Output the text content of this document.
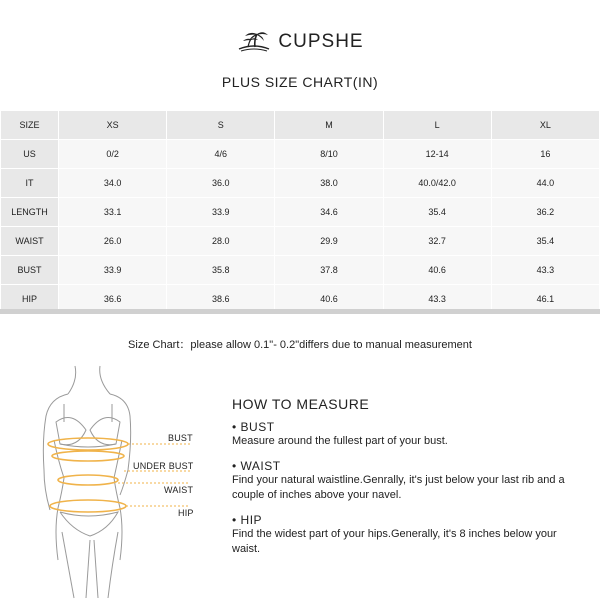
CUPSHE
PLUS SIZE CHART(IN)
SIZE	XS	S	M	L	XL
US	0/2	4/6	8/10	12-14	16
IT	34.0	36.0	38.0	40.0/42.0	44.0
LENGTH	33.1	33.9	34.6	35.4	36.2
WAIST	26.0	28.0	29.9	32.7	35.4
BUST	33.9	35.8	37.8	40.6	43.3
HIP	36.6	38.6	40.6	43.3	46.1
Size Chart：please allow 0.1"- 0.2"differs due to manual measurement
BUST
UNDER BUST
WAIST
HIP
HOW TO MEASURE
• BUST
Measure around the fullest part of your bust.
• WAIST
Find your natural waistline.Genrally, it's just below your last rib and a couple of inches above your navel.
• HIP
Find the widest part of your hips.Generally, it's 8 inches below your waist.
